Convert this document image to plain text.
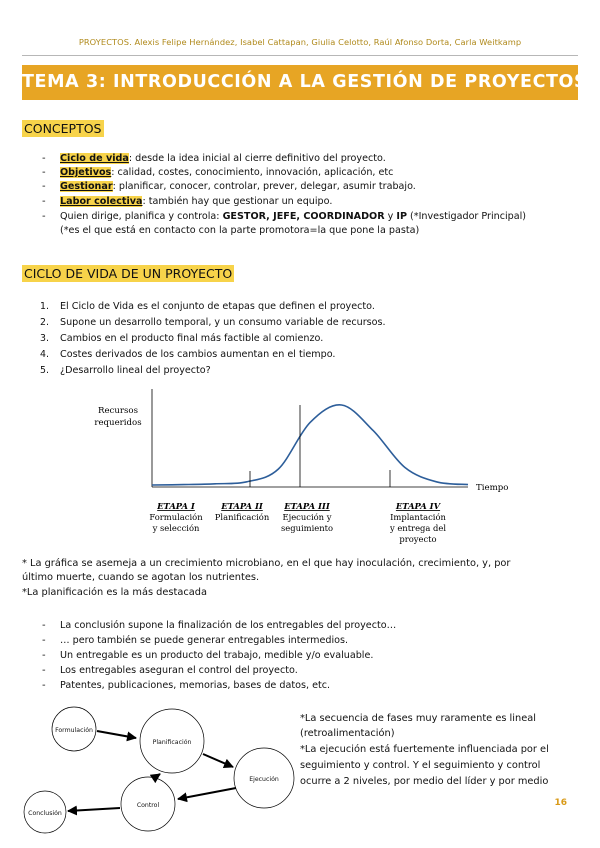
PROYECTOS. Alexis Felipe Hernández, Isabel Cattapan, Giulia Celotto, Raúl Afonso Dorta, Carla Weitkamp
TEMA 3: INTRODUCCIÓN A LA GESTIÓN DE PROYECTOS
CONCEPTOS
- Ciclo de vida: desde la idea inicial al cierre definitivo del proyecto.
- Objetivos: calidad, costes, conocimiento, innovación, aplicación, etc
- Gestionar: planificar, conocer, controlar, prever, delegar, asumir trabajo.
- Labor colectiva: también hay que gestionar un equipo.
- Quien dirige, planifica y controla: GESTOR, JEFE, COORDINADOR y IP (*Investigador Principal)
(*es el que está en contacto con la parte promotora=la que pone la pasta)
CICLO DE VIDA DE UN PROYECTO
1. El Ciclo de Vida es el conjunto de etapas que definen el proyecto.
2. Supone un desarrollo temporal, y un consumo variable de recursos.
3. Cambios en el producto final más factible al comienzo.
4. Costes derivados de los cambios aumentan en el tiempo.
5. ¿Desarrollo lineal del proyecto?
Recursos
requeridos
Tiempo
ETAPA I
Formulación
y selección
ETAPA II
Planificación
ETAPA III
Ejecución y
seguimiento
ETAPA IV
Implantación
y entrega del
proyecto
* La gráfica se asemeja a un crecimiento microbiano, en el que hay inoculación, crecimiento, y, por
último muerte, cuando se agotan los nutrientes.
*La planificación es la más destacada
- La conclusión supone la finalización de los entregables del proyecto…
- … pero también se puede generar entregables intermedios.
- Un entregable es un producto del trabajo, medible y/o evaluable.
- Los entregables aseguran el control del proyecto.
- Patentes, publicaciones, memorias, bases de datos, etc.
Formulación
Planificación
Ejecución
Control
Conclusión
*La secuencia de fases muy raramente es lineal
(retroalimentación)
*La ejecución está fuertemente influenciada por el
seguimiento y control. Y el seguimiento y control
ocurre a 2 niveles, por medio del líder y por medio
16
